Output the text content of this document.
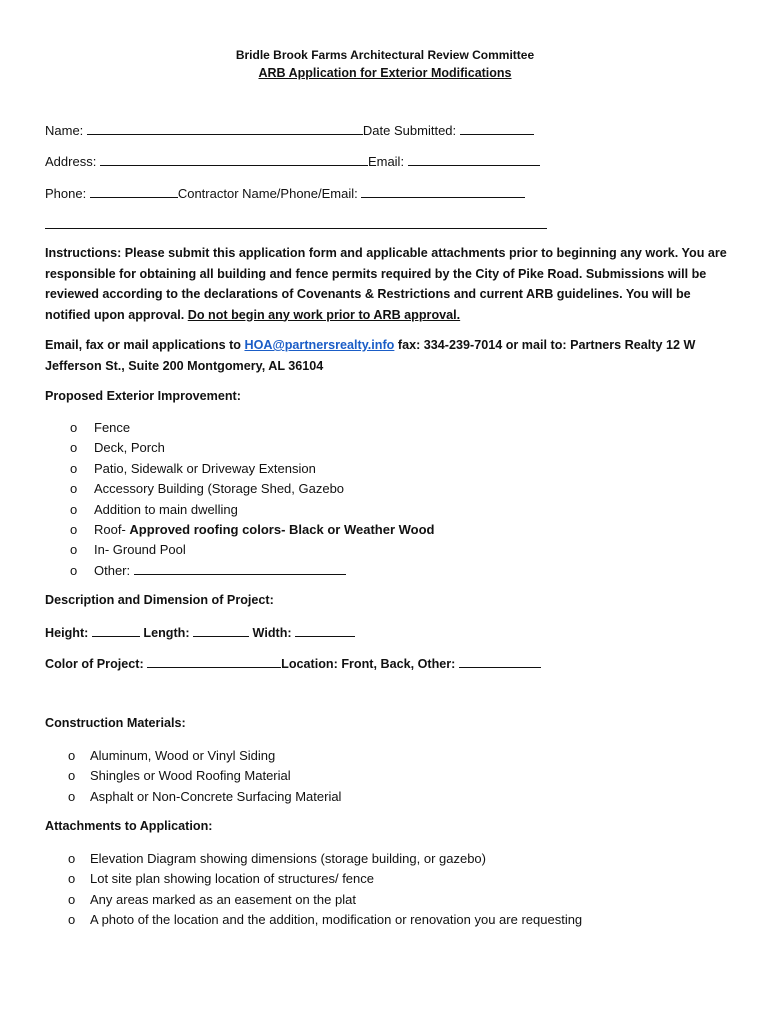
Bridle Brook Farms Architectural Review Committee
ARB Application for Exterior Modifications
Name:	Date Submitted:
Address:	Email:
Phone:	Contractor Name/Phone/Email:
Instructions: Please submit this application form and applicable attachments prior to beginning any work. You are responsible for obtaining all building and fence permits required by the City of Pike Road. Submissions will be reviewed according to the declarations of Covenants & Restrictions and current ARB guidelines. You will be notified upon approval. Do not begin any work prior to ARB approval.
Email, fax or mail applications to HOA@partnersrealty.info fax: 334-239-7014 or mail to: Partners Realty 12 W Jefferson St., Suite 200 Montgomery, AL 36104
Proposed Exterior Improvement:
o Fence
o Deck, Porch
o Patio, Sidewalk or Driveway Extension
o Accessory Building (Storage Shed, Gazebo
o Addition to main dwelling
o Roof- Approved roofing colors- Black or Weather Wood
o In- Ground Pool
o Other:
Description and Dimension of Project:
Height:	Length:	Width:
Color of Project:	Location: Front, Back, Other:
Construction Materials:
o Aluminum, Wood or Vinyl Siding
o Shingles or Wood Roofing Material
o Asphalt or Non-Concrete Surfacing Material
Attachments to Application:
o Elevation Diagram showing dimensions (storage building, or gazebo)
o Lot site plan showing location of structures/ fence
o Any areas marked as an easement on the plat
o A photo of the location and the addition, modification or renovation you are requesting
